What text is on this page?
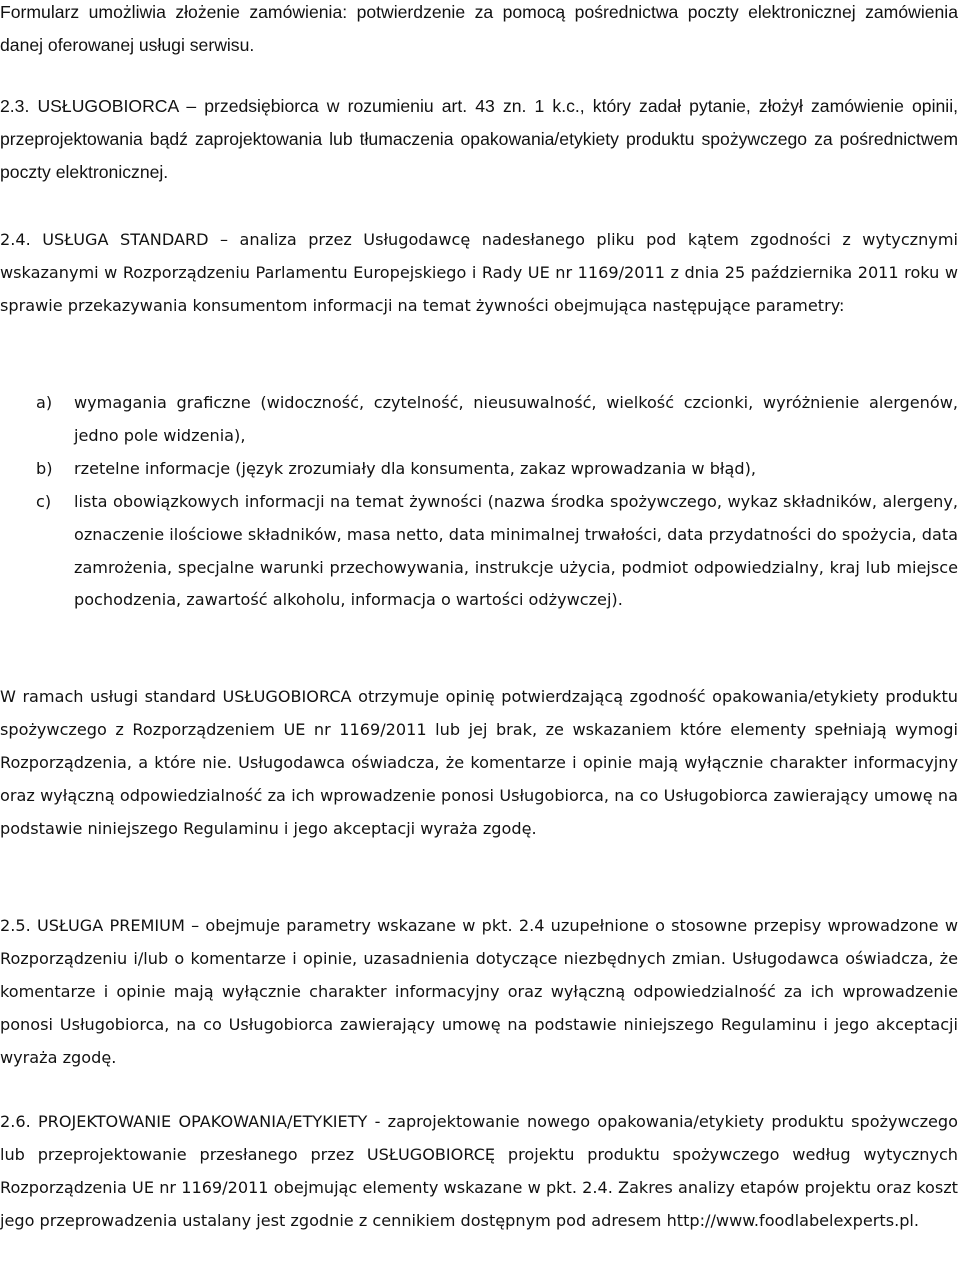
Formularz umożliwia złożenie zamówienia: potwierdzenie za pomocą pośrednictwa poczty elektronicznej zamówienia danej oferowanej usługi serwisu.
2.3. USŁUGOBIORCA – przedsiębiorca w rozumieniu art. 43 zn. 1 k.c., który zadał pytanie, złożył zamówienie opinii, przeprojektowania bądź zaprojektowania lub tłumaczenia opakowania/etykiety produktu spożywczego za pośrednictwem poczty elektronicznej.
2.4. USŁUGA STANDARD – analiza przez Usługodawcę nadesłanego pliku pod kątem zgodności z wytycznymi wskazanymi w Rozporządzeniu Parlamentu Europejskiego i Rady UE nr 1169/2011 z dnia 25 października 2011 roku w sprawie przekazywania konsumentom informacji na temat żywności obejmująca następujące parametry:
a)	wymagania graficzne (widoczność, czytelność, nieusuwalność, wielkość czcionki, wyróżnienie alergenów, jedno pole widzenia),
b)	rzetelne informacje (język zrozumiały dla konsumenta, zakaz wprowadzania w błąd),
c)	lista obowiązkowych informacji na temat żywności (nazwa środka spożywczego, wykaz składników, alergeny, oznaczenie ilościowe składników, masa netto, data minimalnej trwałości, data przydatności do spożycia, data zamrożenia, specjalne warunki przechowywania, instrukcje użycia, podmiot odpowiedzialny, kraj lub miejsce pochodzenia, zawartość alkoholu, informacja o wartości odżywczej).
W ramach usługi standard USŁUGOBIORCA otrzymuje opinię potwierdzającą zgodność opakowania/etykiety produktu spożywczego z Rozporządzeniem UE nr 1169/2011 lub jej brak, ze wskazaniem które elementy spełniają wymogi Rozporządzenia, a które nie. Usługodawca oświadcza, że komentarze i opinie mają wyłącznie charakter informacyjny oraz wyłączną odpowiedzialność za ich wprowadzenie ponosi Usługobiorca, na co Usługobiorca zawierający umowę na podstawie niniejszego Regulaminu i jego akceptacji wyraża zgodę.
2.5. USŁUGA PREMIUM – obejmuje parametry wskazane w pkt. 2.4 uzupełnione o stosowne przepisy wprowadzone w Rozporządzeniu i/lub o komentarze i opinie, uzasadnienia dotyczące niezbędnych zmian. Usługodawca oświadcza, że komentarze i opinie mają wyłącznie charakter informacyjny oraz wyłączną odpowiedzialność za ich wprowadzenie ponosi Usługobiorca, na co Usługobiorca zawierający umowę na podstawie niniejszego Regulaminu i jego akceptacji wyraża zgodę.
2.6. PROJEKTOWANIE OPAKOWANIA/ETYKIETY - zaprojektowanie nowego opakowania/etykiety produktu spożywczego lub przeprojektowanie przesłanego przez USŁUGOBIORCĘ projektu produktu spożywczego według wytycznych Rozporządzenia UE nr 1169/2011 obejmując elementy wskazane w pkt. 2.4. Zakres analizy etapów projektu oraz koszt jego przeprowadzenia ustalany jest zgodnie z cennikiem dostępnym pod adresem http://www.foodlabelexperts.pl.
